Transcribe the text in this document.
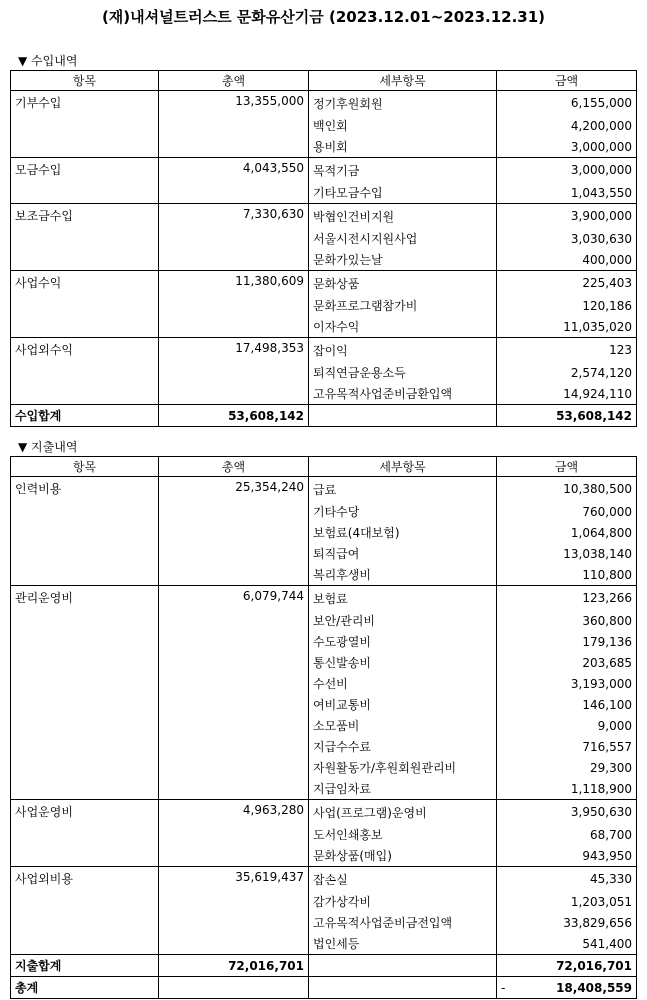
(재)내셔널트러스트 문화유산기금 (2023.12.01~2023.12.31)
▼ 수입내역
항목	총액	세부항목	금액
기부수입	13,355,000	정기후원회원	6,155,000
		백인회	4,200,000
		용비회	3,000,000
모금수입	4,043,550	목적기금	3,000,000
		기타모금수입	1,043,550
보조금수입	7,330,630	박협인건비지원	3,900,000
		서울시전시지원사업	3,030,630
		문화가있는날	400,000
사업수익	11,380,609	문화상품	225,403
		문화프로그램참가비	120,186
		이자수익	11,035,020
사업외수익	17,498,353	잡이익	123
		퇴직연금운용소득	2,574,120
		고유목적사업준비금환입액	14,924,110
수입합계	53,608,142		53,608,142
▼ 지출내역
항목	총액	세부항목	금액
인력비용	25,354,240	급료	10,380,500
		기타수당	760,000
		보험료(4대보험)	1,064,800
		퇴직급여	13,038,140
		복리후생비	110,800
관리운영비	6,079,744	보험료	123,266
		보안/관리비	360,800
		수도광열비	179,136
		통신발송비	203,685
		수선비	3,193,000
		여비교통비	146,100
		소모품비	9,000
		지급수수료	716,557
		자원활동가/후원회원관리비	29,300
		지급임차료	1,118,900
사업운영비	4,963,280	사업(프로그램)운영비	3,950,630
		도서인쇄홍보	68,700
		문화상품(매입)	943,950
사업외비용	35,619,437	잡손실	45,330
		감가상각비	1,203,051
		고유목적사업준비금전입액	33,829,656
		법인세등	541,400
지출합계	72,016,701		72,016,701
총계			- 18,408,559
